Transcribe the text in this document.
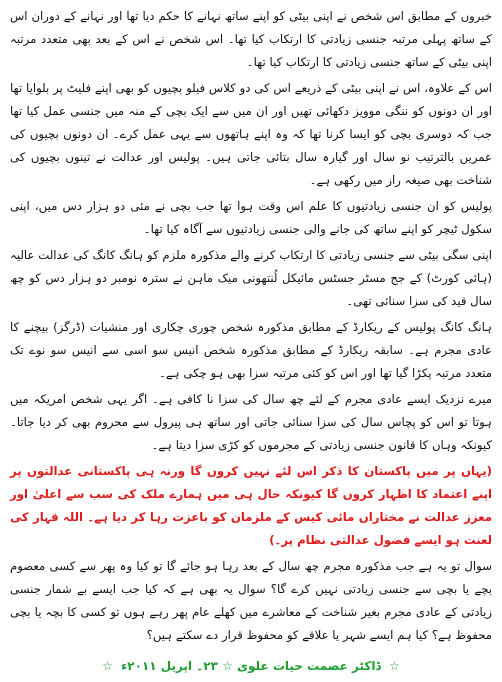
خبروں کے مطابق اس شخص نے اپنی بیٹی کو اپنے ساتھ نہانے کا حکم دیا تھا اور نہانے کے دوران اس کے ساتھ پہلی مرتبہ جنسی زیادتی کا ارتکاب کیا تھا۔ اس شخص نے اس کے بعد بھی متعدد مرتبہ اپنی بیٹی کے ساتھ جنسی زیادتی کا ارتکاب کیا تھا۔

اس کے علاوہ، اس نے اپنی بیٹی کے ذریعے اس کی دو کلاس فیلو بچیوں کو بھی اپنے فلیٹ پر بلوایا تھا اور ان دونوں کو ننگی موویز دکھائی تھیں اور ان میں سے ایک بچی کے منہ میں جنسی عمل کیا تھا جب کہ دوسری بچی کو ایسا کرنا تھا کہ وہ اپنے ہاتھوں سے یہی عمل کرے۔ ان دونوں بچیوں کی عمریں بالترتیب نو سال اور گیارہ سال بتائی جاتی ہیں۔ پولیس اور عدالت نے تینوں بچیوں کی شناخت بھی صیغہ راز میں رکھی ہے۔

پولیس کو ان جنسی زیادتیوں کا علم اس وقت ہوا تھا جب بچی نے مئی دو ہزار دس میں، اپنی سکول ٹیچر کو اپنے ساتھ کی جانے والی جنسی زیادتیوں سے آگاہ کیا تھا۔

اپنی سگی بیٹی سے جنسی زیادتی کا ارتکاب کرنے والے مذکورہ ملزم کو ہانگ کانگ کی عدالت عالیہ (ہائی کورٹ) کے جج مسٹر جسٹس مائیکل لُنتھونی میک ماہن نے سترہ نومبر دو ہزار دس کو چھ سال قید کی سزا سنائی تھی۔

ہانگ کانگ پولیس کے ریکارڈ کے مطابق مذکورہ شخص چوری چکاری اور منشیات (ڈرگز) بیچنے کا عادی مجرم ہے۔ سابقہ ریکارڈ کے مطابق مذکورہ شخص انیس سو اسی سے انیس سو نوے تک متعدد مرتبہ پکڑا گیا تھا اور اس کو کئی مرتبہ سزا بھی ہو چکی ہے۔

میرے نزدیک ایسے عادی مجرم کے لئے چھ سال کی سزا نا کافی ہے۔ اگر یہی شخص امریکہ میں ہوتا تو اس کو پچاس سال کی سزا سنائی جاتی اور ساتھ ہی پیرول سے محروم بھی کر دیا جاتا۔ کیونکہ وہاں کا قانون جنسی زیادتی کے مجرموں کو کڑی سزا دیتا ہے۔

(یہاں پر میں پاکستان کا ذکر اس لئے نہیں کروں گا ورنہ ہی پاکستانی عدالتوں پر اپنے اعتماد کا اظہار کروں گا کیونکہ حال ہی میں ہمارے ملک کی سب سے اعلیٰ اور معزز عدالت نے مختاراں مائی کیس کے ملزمان کو باعزت رہا کر دیا ہے۔ اللہ قہار کی لعنت ہو ایسے فضول عدالتی نظام پر۔)

سوال تو یہ ہے جب مذکورہ مجرم چھ سال کے بعد رہا ہو جائے گا تو کیا وہ پھر سے کسی معصوم بچے یا بچی سے جنسی زیادتی نہیں کرے گا؟ سوال یہ بھی ہے کہ کیا جب ایسے بے شمار جنسی زیادتی کے عادی مجرم بغیر شناخت کے معاشرے میں کھلے عام پھر رہے ہوں تو کسی کا بچہ یا بچی محفوظ ہے؟ کیا ہم ایسے شہر یا علاقے کو محفوظ قرار دے سکتے ہیں؟

☆ ڈاکٹر عصمت حیات علوی ☆ ۲۳۔ اپریل ۲۰۱۱ء ☆
